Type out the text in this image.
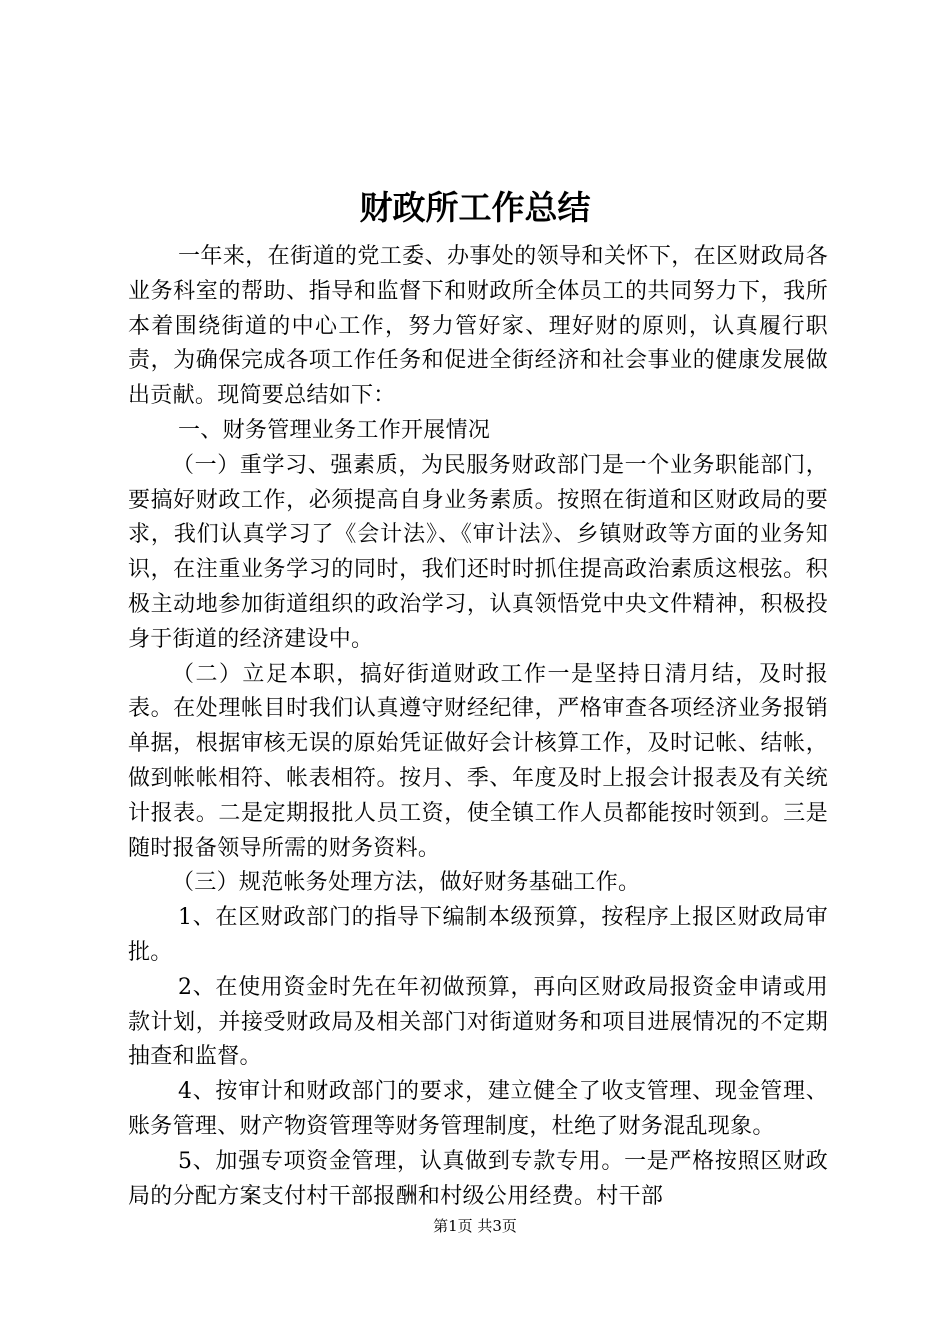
财政所工作总结

一年来，在街道的党工委、办事处的领导和关怀下，在区财政局各业务科室的帮助、指导和监督下和财政所全体员工的共同努力下，我所本着围绕街道的中心工作，努力管好家、理好财的原则，认真履行职责，为确保完成各项工作任务和促进全街经济和社会事业的健康发展做出贡献。现简要总结如下：

一、财务管理业务工作开展情况

（一）重学习、强素质，为民服务财政部门是一个业务职能部门，要搞好财政工作，必须提高自身业务素质。按照在街道和区财政局的要求，我们认真学习了《会计法》、《审计法》、乡镇财政等方面的业务知识，在注重业务学习的同时，我们还时时抓住提高政治素质这根弦。积极主动地参加街道组织的政治学习，认真领悟党中央文件精神，积极投身于街道的经济建设中。

（二）立足本职，搞好街道财政工作一是坚持日清月结，及时报表。在处理帐目时我们认真遵守财经纪律，严格审查各项经济业务报销单据，根据审核无误的原始凭证做好会计核算工作，及时记帐、结帐，做到帐帐相符、帐表相符。按月、季、年度及时上报会计报表及有关统计报表。二是定期报批人员工资，使全镇工作人员都能按时领到。三是随时报备领导所需的财务资料。

（三）规范帐务处理方法，做好财务基础工作。

1、在区财政部门的指导下编制本级预算，按程序上报区财政局审批。

2、在使用资金时先在年初做预算，再向区财政局报资金申请或用款计划，并接受财政局及相关部门对街道财务和项目进展情况的不定期抽查和监督。

4、按审计和财政部门的要求，建立健全了收支管理、现金管理、账务管理、财产物资管理等财务管理制度，杜绝了财务混乱现象。

5、加强专项资金管理，认真做到专款专用。一是严格按照区财政局的分配方案支付村干部报酬和村级公用经费。村干部

第1页 共3页
